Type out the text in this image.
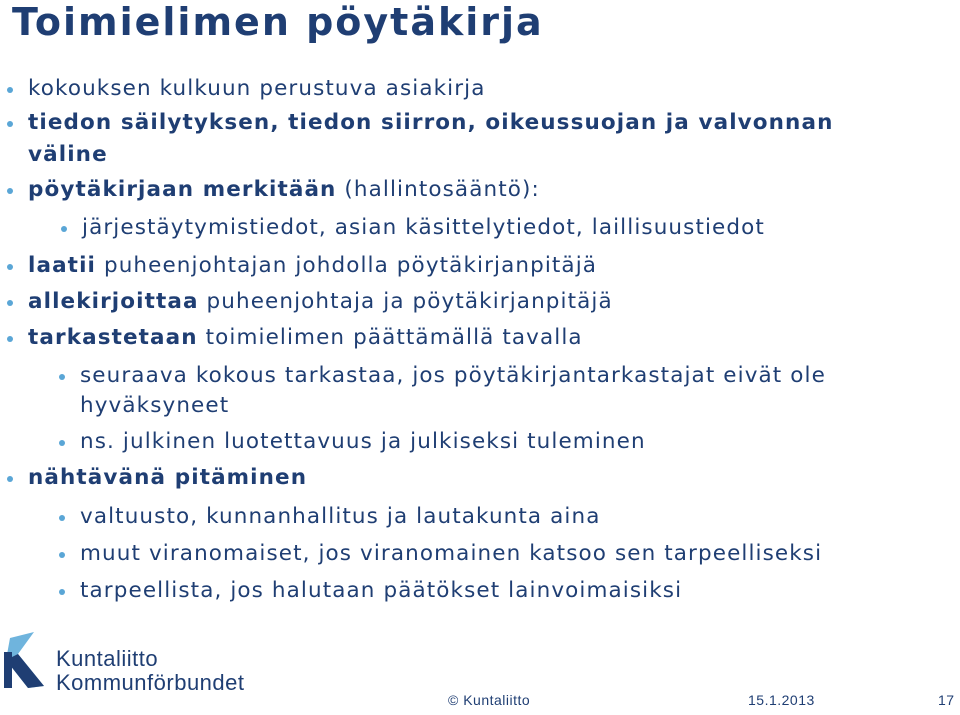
Toimielimen pöytäkirja
kokouksen kulkuun perustuva asiakirja
tiedon säilytyksen, tiedon siirron, oikeussuojan ja valvonnan
väline
pöytäkirjaan merkitään (hallintosääntö):
järjestäytymistiedot, asian käsittelytiedot, laillisuustiedot
laatii puheenjohtajan johdolla pöytäkirjanpitäjä
allekirjoittaa puheenjohtaja ja pöytäkirjanpitäjä
tarkastetaan toimielimen päättämällä tavalla
seuraava kokous tarkastaa, jos pöytäkirjantarkastajat eivät ole
hyväksyneet
ns. julkinen luotettavuus ja julkiseksi tuleminen
nähtävänä pitäminen
valtuusto, kunnanhallitus ja lautakunta aina
muut viranomaiset, jos viranomainen katsoo sen tarpeelliseksi
tarpeellista, jos halutaan päätökset lainvoimaisiksi
Kuntaliitto
Kommunförbundet
© Kuntaliitto	15.1.2013	17
